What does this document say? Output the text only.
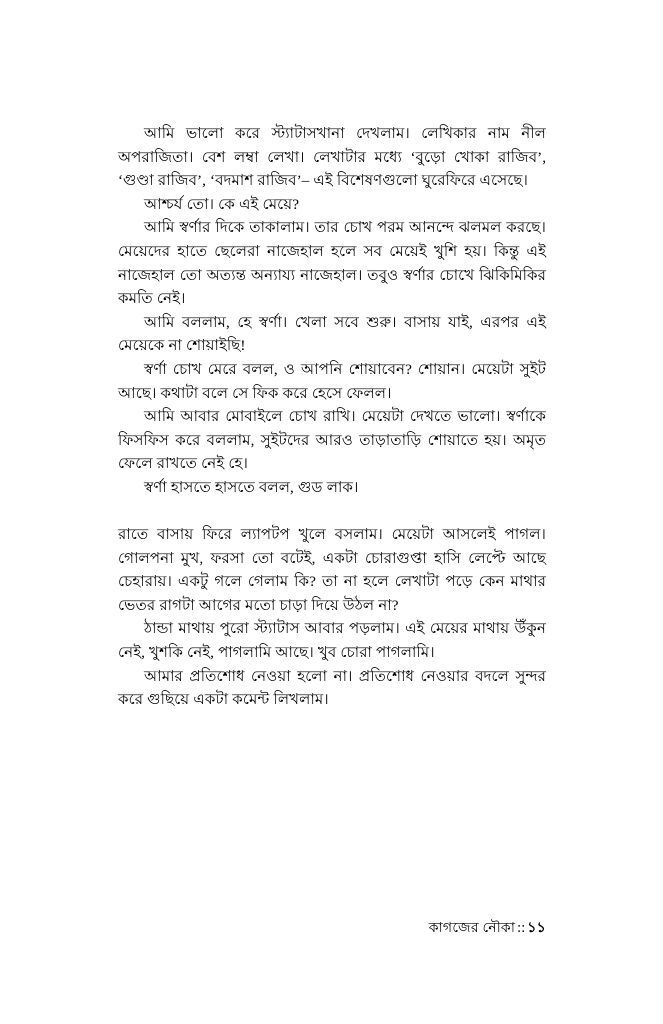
আমি ভালো করে স্ট্যাটাসখানা দেখলাম। লেখিকার নাম নীল অপরাজিতা। বেশ লম্বা লেখা। লেখাটার মধ্যে ‘বুড়ো খোকা রাজিব’, ‘গুণ্ডা রাজিব’, ‘বদমাশ রাজিব’– এই বিশেষণগুলো ঘুরেফিরে এসেছে।

আশ্চর্য তো। কে এই মেয়ে?

আমি স্বর্ণার দিকে তাকালাম। তার চোখ পরম আনন্দে ঝলমল করছে। মেয়েদের হাতে ছেলেরা নাজেহাল হলে সব মেয়েই খুশি হয়। কিন্তু এই নাজেহাল তো অত্যন্ত অন্যায্য নাজেহাল। তবুও স্বর্ণার চোখে ঝিকিমিকির কমতি নেই।

আমি বললাম, হে স্বর্ণা। খেলা সবে শুরু। বাসায় যাই, এরপর এই মেয়েকে না শোয়াইছি!

স্বর্ণা চোখ মেরে বলল, ও আপনি শোয়াবেন? শোয়ান। মেয়েটা সুইট আছে। কথাটা বলে সে ফিক করে হেসে ফেলল।

আমি আবার মোবাইলে চোখ রাখি। মেয়েটা দেখতে ভালো। স্বর্ণাকে ফিসফিস করে বললাম, সুইটদের আরও তাড়াতাড়ি শোয়াতে হয়। অমৃত ফেলে রাখতে নেই হে।

স্বর্ণা হাসতে হাসতে বলল, গুড লাক।

রাতে বাসায় ফিরে ল্যাপটপ খুলে বসলাম। মেয়েটা আসলেই পাগল। গোলপনা মুখ, ফরসা তো বটেই, একটা চোরাগুপ্তা হাসি লেপ্টে আছে চেহারায়। একটু গলে গেলাম কি? তা না হলে লেখাটা পড়ে কেন মাথার ভেতর রাগটা আগের মতো চাড়া দিয়ে উঠল না?

ঠান্ডা মাথায় পুরো স্ট্যাটাস আবার পড়লাম। এই মেয়ের মাথায় উঁকুন নেই, খুশকি নেই, পাগলামি আছে। খুব চোরা পাগলামি।

আমার প্রতিশোধ নেওয়া হলো না। প্রতিশোধ নেওয়ার বদলে সুন্দর করে গুছিয়ে একটা কমেন্ট লিখলাম।

কাগজের নৌকা :: ১১
